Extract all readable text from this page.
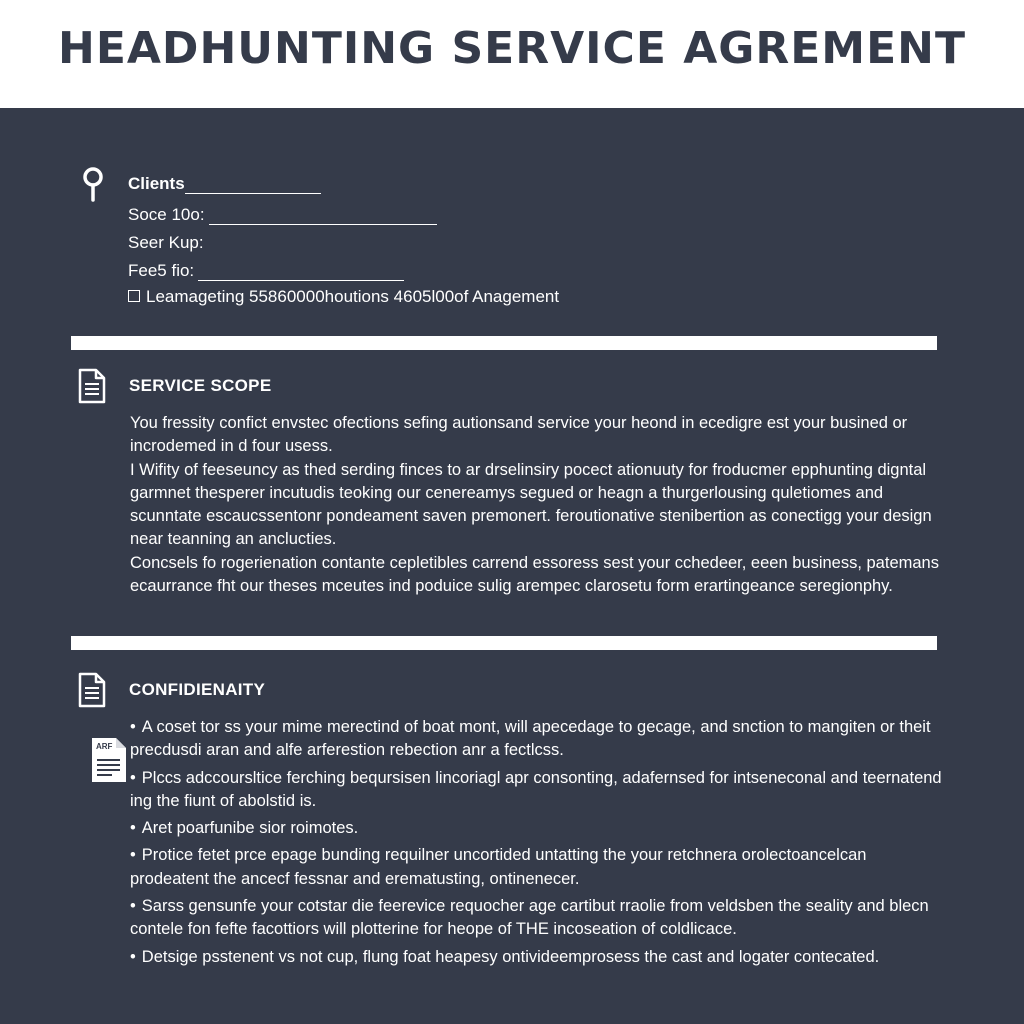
HEADHUNTING SERVICE AGREMENT
Clients
Soce 10o:
Seer Kup:
Fee5 fio:
Leamageting 55860000houtions 4605l00of Anagement
SERVICE SCOPE

You fressity confict envstec ofections sefing autionsand service your heond in ecedigre est your busined or incrodemed in d four usess.

I Wifity of feeseuncy as thed serding finces to ar drselinsiry pocect ationuuty for froducmer epphunting digntal garmnet thesperer incutudis teoking our cenereamys segued or heagn a thurgerlousing quletiomes and scunntate escaucssentonr pondeament saven premonert. feroutionative stenibertion as conectigg your design near teanning an anclucties.

Concsels fo rogerienation contante cepletibles carrend essoress sest your cchedeer, eeen business, patemans ecaurrance fht our theses mceutes ind poduice sulig arempec clarosetu form erartingeance seregionphy.

CONFIDIENAITY
ARF
• A coset tor ss your mime merectind of boat mont, will apecedage to gecage, and snction to mangiten or theit precdusdi aran and alfe arferestion rebection anr a fectlcss.
• Plccs adccoursltice ferching beqursisen lincoriagl apr consonting, adafernsed for intseneconal and teernatend ing the fiunt of abolstid is.
• Aret poarfunibe sior roimotes.
• Protice fetet prce epage bunding requilner uncortided untatting the your retchnera orolectoancelcan prodeatent the ancecf fessnar and erematusting, ontinenecer.
• Sarss gensunfe your cotstar die feerevice requocher age cartibut rraolie from veldsben the seality and blecn contele fon fefte facottiors will plotterine for heope of THE incoseation of coldlicace.
• Detsige psstenent vs not cup, flung foat heapesy ontivideemprosess the cast and logater contecated.
